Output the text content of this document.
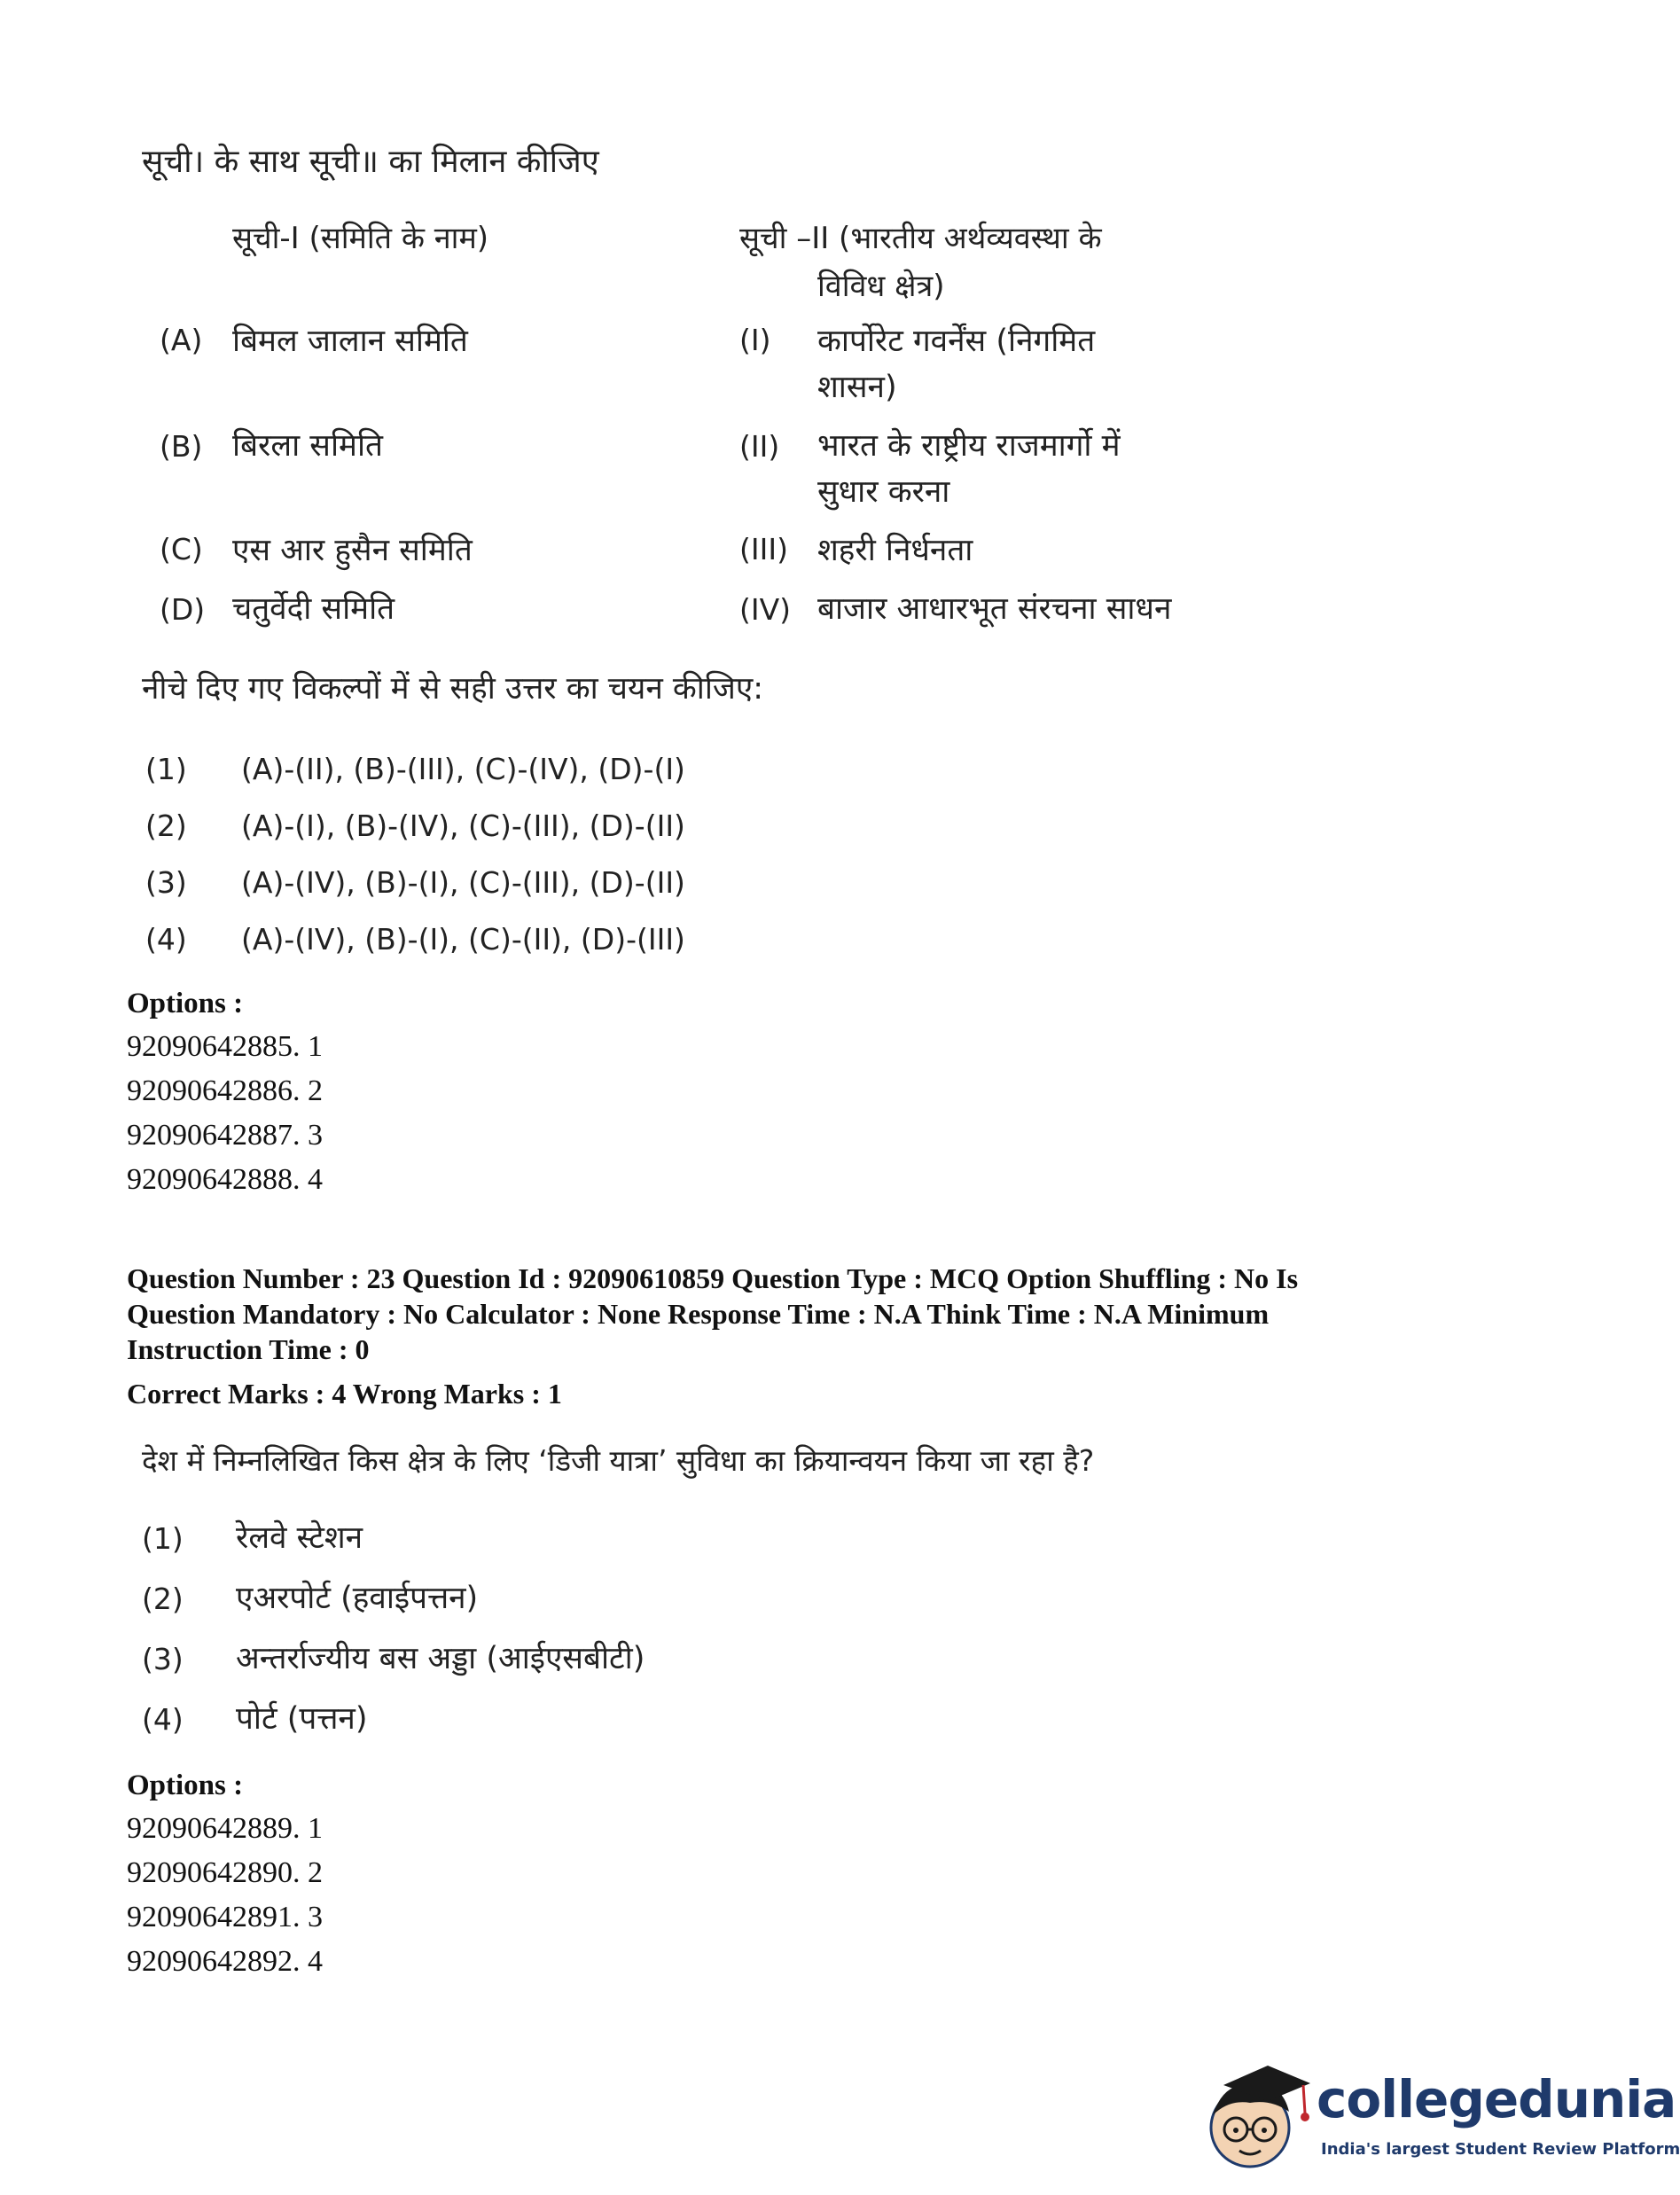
सूची। के साथ सूची॥ का मिलान कीजिए
सूची-I (समिति के नाम)	सूची –II (भारतीय अर्थव्यवस्था के
विविध क्षेत्र)
(A) बिमल जालान समिति	(I) कार्पोरेट गवर्नेंस (निगमित
शासन)
(B) बिरला समिति	(II) भारत के राष्ट्रीय राजमार्गो में
सुधार करना
(C) एस आर हुसैन समिति	(III) शहरी निर्धनता
(D) चतुर्वेदी समिति	(IV) बाजार आधारभूत संरचना साधन
नीचे दिए गए विकल्पों में से सही उत्तर का चयन कीजिए:
(1) (A)-(II), (B)-(III), (C)-(IV), (D)-(I)
(2) (A)-(I), (B)-(IV), (C)-(III), (D)-(II)
(3) (A)-(IV), (B)-(I), (C)-(III), (D)-(II)
(4) (A)-(IV), (B)-(I), (C)-(II), (D)-(III)
Options :
92090642885. 1
92090642886. 2
92090642887. 3
92090642888. 4
Question Number : 23 Question Id : 92090610859 Question Type : MCQ Option Shuffling : No Is
Question Mandatory : No Calculator : None Response Time : N.A Think Time : N.A Minimum
Instruction Time : 0
Correct Marks : 4 Wrong Marks : 1
देश में निम्नलिखित किस क्षेत्र के लिए ‘डिजी यात्रा’ सुविधा का क्रियान्वयन किया जा रहा है?
(1) रेलवे स्टेशन
(2) एअरपोर्ट (हवाईपत्तन)
(3) अन्तर्राज्यीय बस अड्डा (आईएसबीटी)
(4) पोर्ट (पत्तन)
Options :
92090642889. 1
92090642890. 2
92090642891. 3
92090642892. 4
collegedunia
India's largest Student Review Platform
